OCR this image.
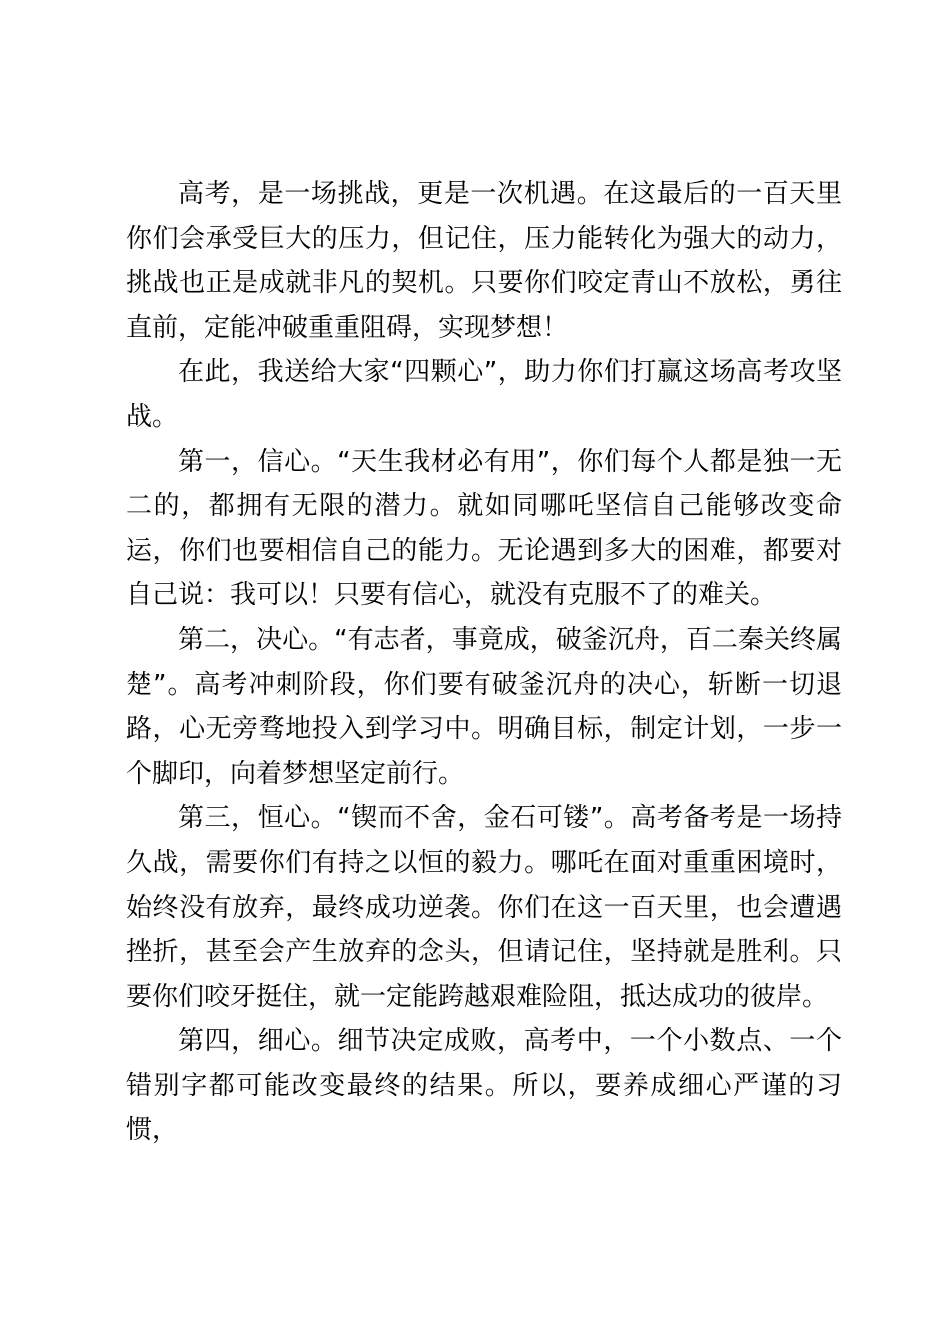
高考，是一场挑战，更是一次机遇。在这最后的一百天里你们会承受巨大的压力，但记住，压力能转化为强大的动力，挑战也正是成就非凡的契机。只要你们咬定青山不放松，勇往直前，定能冲破重重阻碍，实现梦想！

在此，我送给大家“四颗心”，助力你们打赢这场高考攻坚战。

第一，信心。“天生我材必有用”，你们每个人都是独一无二的，都拥有无限的潜力。就如同哪吒坚信自己能够改变命运，你们也要相信自己的能力。无论遇到多大的困难，都要对自己说：我可以！只要有信心，就没有克服不了的难关。

第二，决心。“有志者，事竟成，破釜沉舟，百二秦关终属楚”。高考冲刺阶段，你们要有破釜沉舟的决心，斩断一切退路，心无旁骛地投入到学习中。明确目标，制定计划，一步一个脚印，向着梦想坚定前行。

第三，恒心。“锲而不舍，金石可镂”。高考备考是一场持久战，需要你们有持之以恒的毅力。哪吒在面对重重困境时，始终没有放弃，最终成功逆袭。你们在这一百天里，也会遭遇挫折，甚至会产生放弃的念头，但请记住，坚持就是胜利。只要你们咬牙挺住，就一定能跨越艰难险阻，抵达成功的彼岸。

第四，细心。细节决定成败，高考中，一个小数点、一个错别字都可能改变最终的结果。所以，要养成细心严谨的习惯，
